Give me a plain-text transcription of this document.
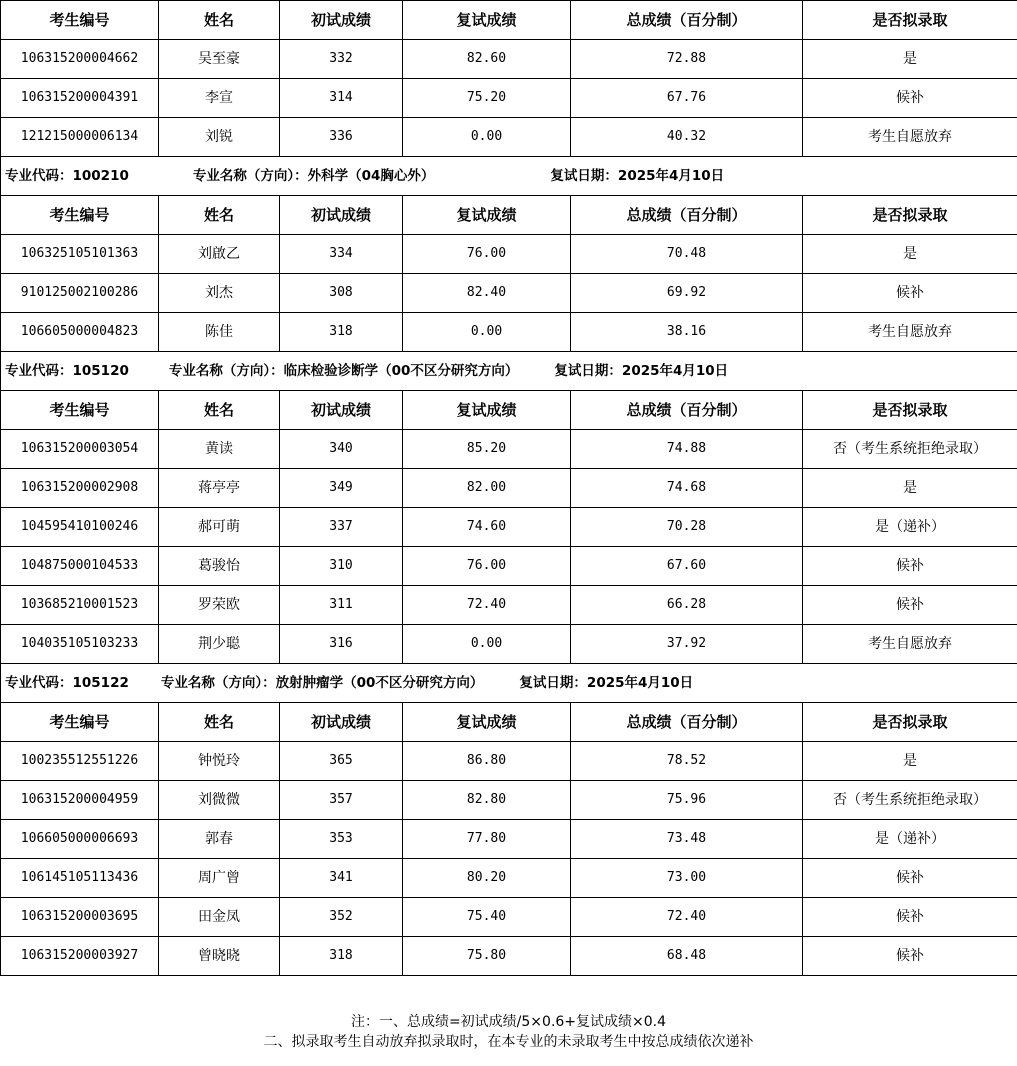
考生编号	姓名	初试成绩	复试成绩	总成绩（百分制）	是否拟录取
106315200004662	吴至豪	332	82.60	72.88	是
106315200004391	李宣	314	75.20	67.76	候补
121215000006134	刘锐	336	0.00	40.32	考生自愿放弃
专业代码：100210 专业名称（方向）：外科学（04胸心外） 复试日期：2025年4月10日					
考生编号	姓名	初试成绩	复试成绩	总成绩（百分制）	是否拟录取
106325105101363	刘啟乙	334	76.00	70.48	是
910125002100286	刘杰	308	82.40	69.92	候补
106605000004823	陈佳	318	0.00	38.16	考生自愿放弃
专业代码：105120 专业名称（方向）：临床检验诊断学（00不区分研究方向） 复试日期：2025年4月10日					
考生编号	姓名	初试成绩	复试成绩	总成绩（百分制）	是否拟录取
106315200003054	黄读	340	85.20	74.88	否（考生系统拒绝录取）
106315200002908	蒋亭亭	349	82.00	74.68	是
104595410100246	郝可萌	337	74.60	70.28	是（递补）
104875000104533	葛骏怡	310	76.00	67.60	候补
103685210001523	罗荣欧	311	72.40	66.28	候补
104035105103233	荆少聪	316	0.00	37.92	考生自愿放弃
专业代码：105122 专业名称（方向）：放射肿瘤学（00不区分研究方向） 复试日期：2025年4月10日					
考生编号	姓名	初试成绩	复试成绩	总成绩（百分制）	是否拟录取
100235512551226	钟悦玲	365	86.80	78.52	是
106315200004959	刘微微	357	82.80	75.96	否（考生系统拒绝录取）
106605000006693	郭春	353	77.80	73.48	是（递补）
106145105113436	周广曾	341	80.20	73.00	候补
106315200003695	田金凤	352	75.40	72.40	候补
106315200003927	曾晓晓	318	75.80	68.48	候补
注：一、总成绩=初试成绩/5×0.6+复试成绩×0.4
二、拟录取考生自动放弃拟录取时，在本专业的未录取考生中按总成绩依次递补
